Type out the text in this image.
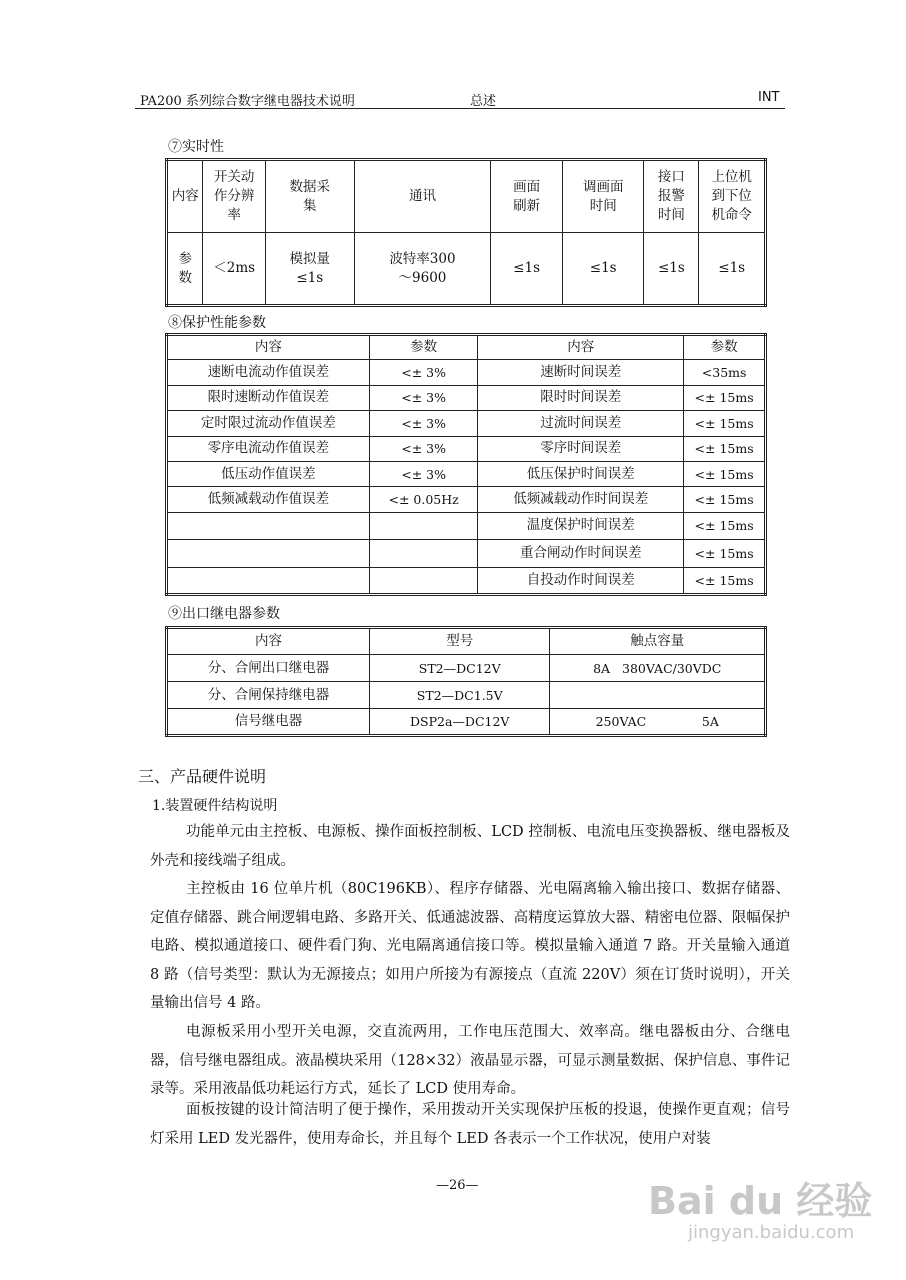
PA200 系列综合数字继电器技术说明	总述	INT
⑦实时性
内容	开关动作分辨率	数据采集	通讯	画面刷新	调画面时间	接口报警时间	上位机到下位机命令
参数	＜2ms	模拟量≤1s	波特率300～9600	≤1s	≤1s	≤1s	≤1s
⑧保护性能参数
内容	参数	内容	参数
速断电流动作值误差	<± 3%	速断时间误差	<35ms
限时速断动作值误差	<± 3%	限时时间误差	<± 15ms
定时限过流动作值误差	<± 3%	过流时间误差	<± 15ms
零序电流动作值误差	<± 3%	零序时间误差	<± 15ms
低压动作值误差	<± 3%	低压保护时间误差	<± 15ms
低频减载动作值误差	<± 0.05Hz	低频减载动作时间误差	<± 15ms
		温度保护时间误差	<± 15ms
		重合闸动作时间误差	<± 15ms
		自投动作时间误差	<± 15ms
⑨出口继电器参数
内容	型号	触点容量
分、合闸出口继电器	ST2—DC12V	8A   380VAC/30VDC
分、合闸保持继电器	ST2—DC1.5V	
信号继电器	DSP2a—DC12V	250VAC              5A
三、产品硬件说明
1.装置硬件结构说明

功能单元由主控板、电源板、操作面板控制板、LCD 控制板、电流电压变换器板、继电器板及外壳和接线端子组成。

主控板由 16 位单片机（80C196KB）、程序存储器、光电隔离输入输出接口、数据存储器、定值存储器、跳合闸逻辑电路、多路开关、低通滤波器、高精度运算放大器、精密电位器、限幅保护电路、模拟通道接口、硬件看门狗、光电隔离通信接口等。模拟量输入通道 7 路。开关量输入通道 8 路（信号类型：默认为无源接点；如用户所接为有源接点（直流 220V）须在订货时说明），开关量输出信号 4 路。

电源板采用小型开关电源，交直流两用，工作电压范围大、效率高。继电器板由分、合继电器，信号继电器组成。液晶模块采用（128×32）液晶显示器，可显示测量数据、保护信息、事件记录等。采用液晶低功耗运行方式，延长了 LCD 使用寿命。

面板按键的设计简洁明了便于操作，采用拨动开关实现保护压板的投退，使操作更直观；信号灯采用 LED 发光器件，使用寿命长，并且每个 LED 各表示一个工作状况，使用户对装

—26—	Bai du 经验
jingyan.baidu.com
